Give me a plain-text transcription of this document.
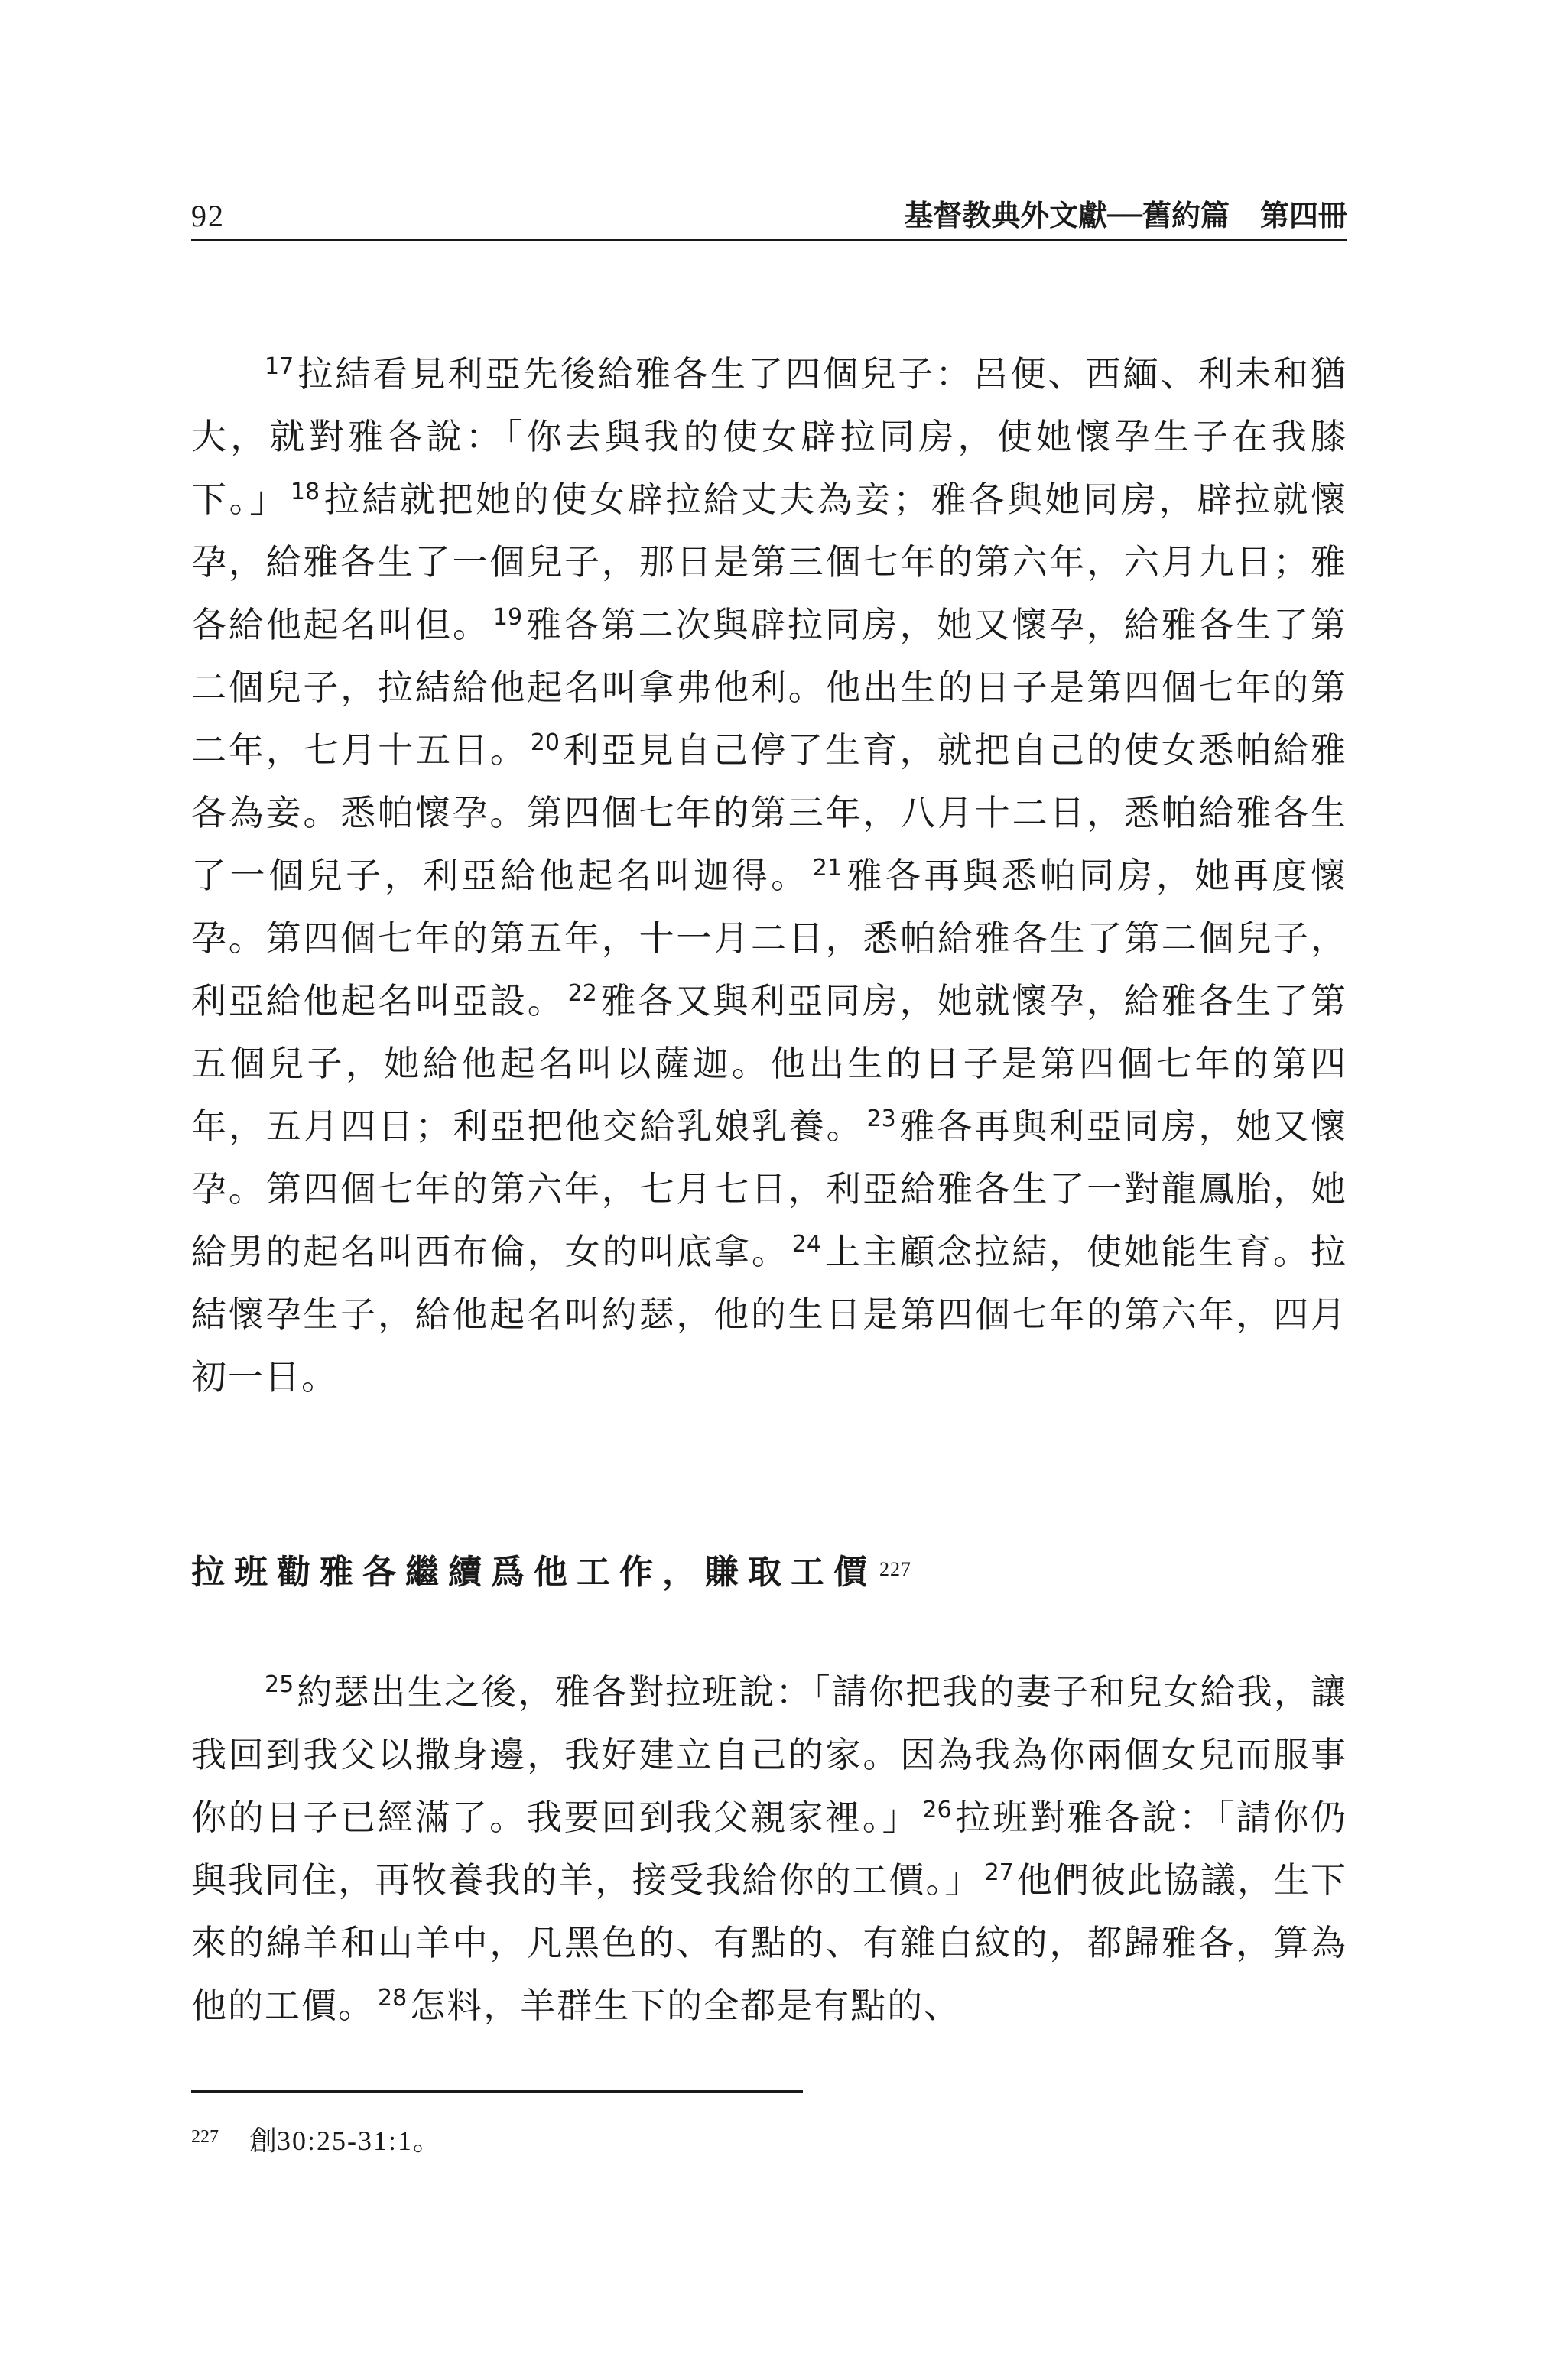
92	基督教典外文獻──舊約篇 第四冊

$^{17}$拉結看見利亞先後給雅各生了四個兒子：呂便、西緬、利未和猶大，就對雅各說：「你去與我的使女辟拉同房，使她懷孕生子在我膝下。」 $^{18}$拉結就把她的使女辟拉給丈夫為妾；雅各與她同房，辟拉就懷孕，給雅各生了一個兒子，那日是第三個七年的第六年，六月九日；雅各給他起名叫但。 $^{19}$雅各第二次與辟拉同房，她又懷孕，給雅各生了第二個兒子，拉結給他起名叫拿弗他利。他出生的日子是第四個七年的第二年，七月十五日。 $^{20}$利亞見自己停了生育，就把自己的使女悉帕給雅各為妾。悉帕懷孕。第四個七年的第三年，八月十二日，悉帕給雅各生了一個兒子，利亞給他起名叫迦得。 $^{21}$雅各再與悉帕同房，她再度懷孕。第四個七年的第五年，十一月二日，悉帕給雅各生了第二個兒子，利亞給他起名叫亞設。 $^{22}$雅各又與利亞同房，她就懷孕，給雅各生了第五個兒子，她給他起名叫以薩迦。他出生的日子是第四個七年的第四年，五月四日；利亞把他交給乳娘乳養。 $^{23}$雅各再與利亞同房，她又懷孕。第四個七年的第六年，七月七日，利亞給雅各生了一對龍鳳胎，她給男的起名叫西布倫，女的叫底拿。 $^{24}$上主顧念拉結，使她能生育。拉結懷孕生子，給他起名叫約瑟，他的生日是第四個七年的第六年，四月初一日。

拉班勸雅各繼續爲他工作，賺取工價 $^{227}$

$^{25}$約瑟出生之後，雅各對拉班說：「請你把我的妻子和兒女給我，讓我回到我父以撒身邊，我好建立自己的家。因為我為你兩個女兒而服事你的日子已經滿了。我要回到我父親家裡。」 $^{26}$拉班對雅各說：「請你仍與我同住，再牧養我的羊，接受我給你的工價。」 $^{27}$他們彼此協議，生下來的綿羊和山羊中，凡黑色的、有點的、有雜白紋的，都歸雅各，算為他的工價。 $^{28}$怎料，羊群生下的全都是有點的、

$^{227}$ 創30:25-31:1。
